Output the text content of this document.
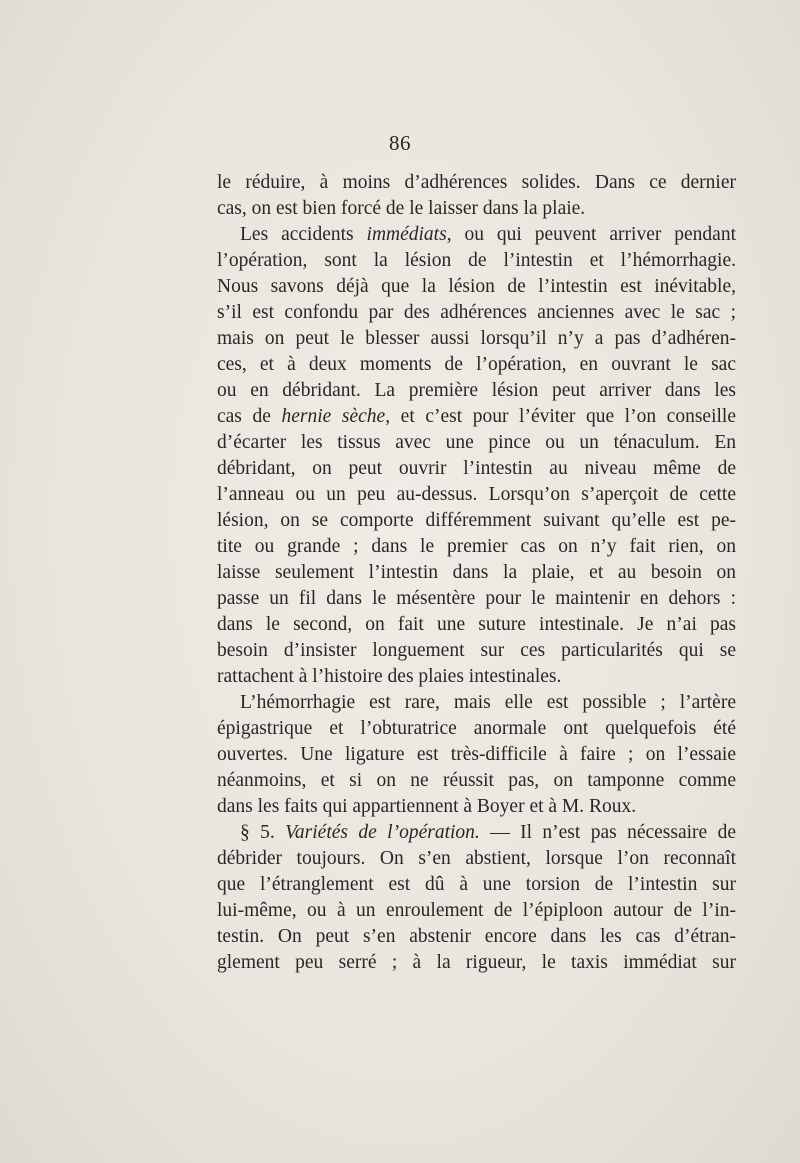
86
le réduire, à moins d’adhérences solides. Dans ce dernier
cas, on est bien forcé de le laisser dans la plaie.
Les accidents immédiats, ou qui peuvent arriver pendant
l’opération, sont la lésion de l’intestin et l’hémorrhagie.
Nous savons déjà que la lésion de l’intestin est inévitable,
s’il est confondu par des adhérences anciennes avec le sac ;
mais on peut le blesser aussi lorsqu’il n’y a pas d’adhéren-
ces, et à deux moments de l’opération, en ouvrant le sac
ou en débridant. La première lésion peut arriver dans les
cas de hernie sèche, et c’est pour l’éviter que l’on conseille
d’écarter les tissus avec une pince ou un ténaculum. En
débridant, on peut ouvrir l’intestin au niveau même de
l’anneau ou un peu au-dessus. Lorsqu’on s’aperçoit de cette
lésion, on se comporte différemment suivant qu’elle est pe-
tite ou grande ; dans le premier cas on n’y fait rien, on
laisse seulement l’intestin dans la plaie, et au besoin on
passe un fil dans le mésentère pour le maintenir en dehors :
dans le second, on fait une suture intestinale. Je n’ai pas
besoin d’insister longuement sur ces particularités qui se
rattachent à l’histoire des plaies intestinales.
L’hémorrhagie est rare, mais elle est possible ; l’artère
épigastrique et l’obturatrice anormale ont quelquefois été
ouvertes. Une ligature est très-difficile à faire ; on l’essaie
néanmoins, et si on ne réussit pas, on tamponne comme
dans les faits qui appartiennent à Boyer et à M. Roux.
§ 5. Variétés de l’opération. — Il n’est pas nécessaire de
débrider toujours. On s’en abstient, lorsque l’on reconnaît
que l’étranglement est dû à une torsion de l’intestin sur
lui-même, ou à un enroulement de l’épiploon autour de l’in-
testin. On peut s’en abstenir encore dans les cas d’étran-
glement peu serré ; à la rigueur, le taxis immédiat sur
